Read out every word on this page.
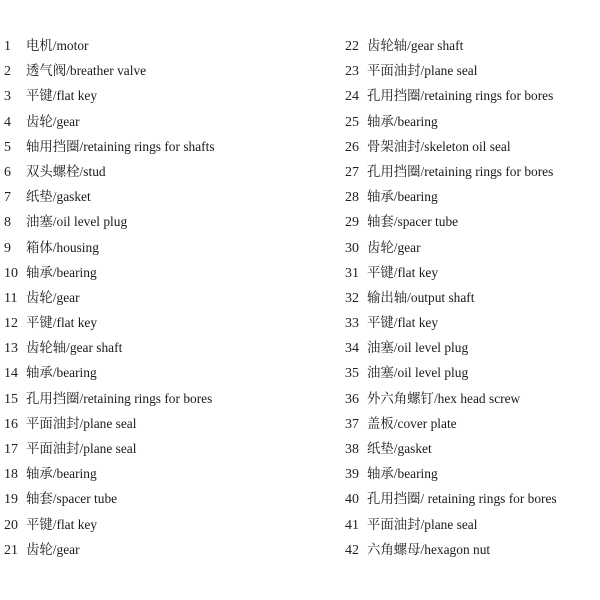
1	电机/motor
2	透气阀/breather valve
3	平键/flat key
4	齿轮/gear
5	轴用挡圈/retaining rings for shafts
6	双头螺栓/stud
7	纸垫/gasket
8	油塞/oil level plug
9	箱体/housing
10 轴承/bearing
11 齿轮/gear
12 平键/flat key
13 齿轮轴/gear shaft
14 轴承/bearing
15 孔用挡圈/retaining rings for bores
16 平面油封/plane seal
17 平面油封/plane seal
18 轴承/bearing
19 轴套/spacer tube
20 平键/flat key
21 齿轮/gear
22 齿轮轴/gear shaft
23 平面油封/plane seal
24 孔用挡圈/retaining rings for bores
25 轴承/bearing
26 骨架油封/skeleton oil seal
27 孔用挡圈/retaining rings for bores
28 轴承/bearing
29 轴套/spacer tube
30 齿轮/gear
31 平键/flat key
32 输出轴/output shaft
33 平键/flat key
34 油塞/oil level plug
35 油塞/oil level plug
36 外六角螺钉/hex head screw
37 盖板/cover plate
38 纸垫/gasket
39 轴承/bearing
40 孔用挡圈/ retaining rings for bores
41 平面油封/plane seal
42 六角螺母/hexagon nut
